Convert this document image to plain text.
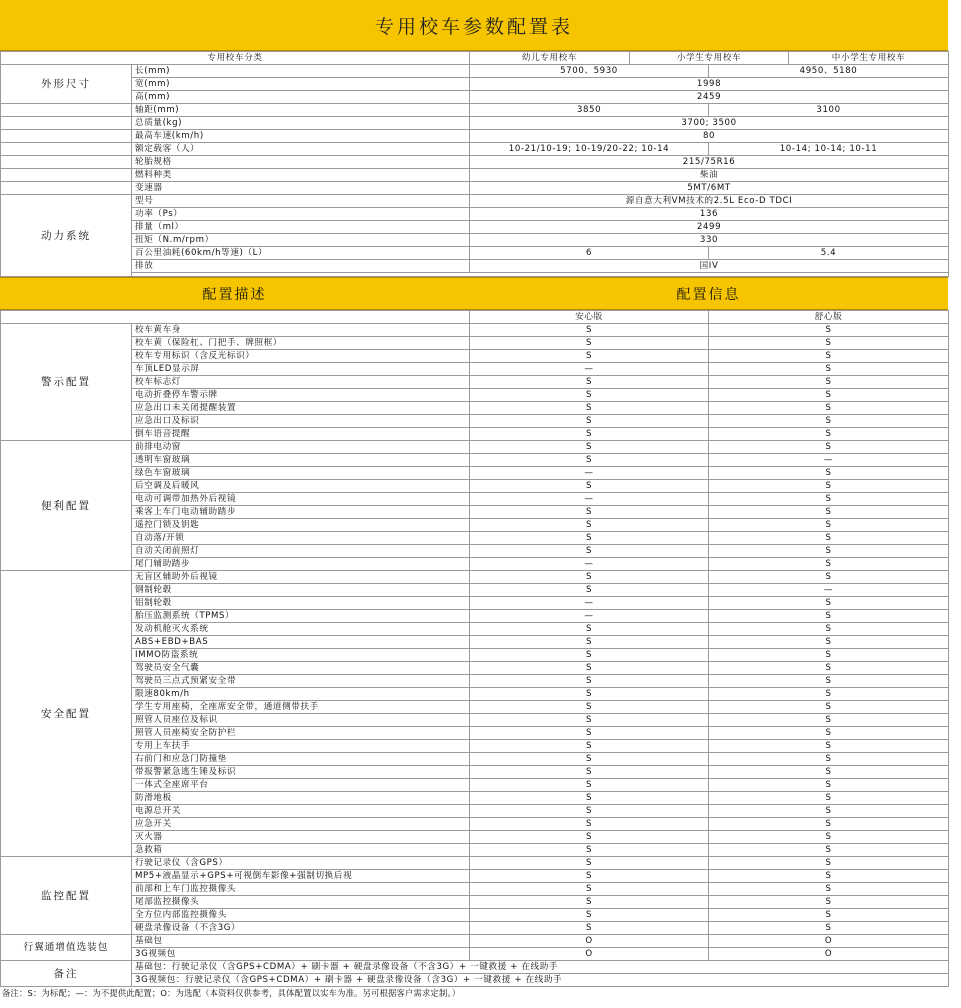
专用校车参数配置表
专用校车分类		幼儿专用校车	小学生专用校车		中小学生专用校车
外形尺寸	长(mm)	5700、5930		4950、5180	
	宽(mm)	1998			
	高(mm)	2459			
	轴距(mm)	3850		3100	
	总质量(kg)	3700; 3500			
	最高车速(km/h)	80			
	额定载客（人）	10-21/10-19; 10-19/20-22; 10-14		10-14; 10-14; 10-11	
	轮胎规格	215/75R16			
	燃料种类	柴油			
	变速器	5MT/6MT			
动力系统	型号	源自意大利VM技术的2.5L Eco-D TDCI			
	功率（Ps）	136			
	排量（ml）	2499			
	扭矩（N.m/rpm）	330			
	百公里油耗(60km/h等速)（L）	6		5.4	
	排放	国IV			

配置描述	配置信息
		安心版	舒心版
警示配置	校车黄车身	S	S
	校车黄（保险杠、门把手、牌照框）	S	S
	校车专用标识（含反光标识）	S	S
	车顶LED显示屏	—	S
	校车标志灯	S	S
	电动折叠停车警示牌	S	S
	应急出口未关闭提醒装置	S	S
	应急出口及标识	S	S
	倒车语音提醒	S	S
便利配置	前排电动窗	S	S
	透明车窗玻璃	S	—
	绿色车窗玻璃	—	S
	后空调及后暖风	S	S
	电动可调带加热外后视镜	—	S
	乘客上车门电动辅助踏步	S	S
	遥控门锁及钥匙	S	S
	自动落/开锁	S	S
	自动关闭前照灯	S	S
	尾门辅助踏步	—	S
安全配置	无盲区辅助外后视镜	S	S
	钢制轮毂	S	—
	铝制轮毂	—	S
	胎压监测系统（TPMS）	—	S
	发动机舱灭火系统	S	S
	ABS+EBD+BAS	S	S
	IMMO防盗系统	S	S
	驾驶员安全气囊	S	S
	驾驶员三点式预紧安全带	S	S
	限速80km/h	S	S
	学生专用座椅，全座席安全带，通道侧带扶手	S	S
	照管人员座位及标识	S	S
	照管人员座椅安全防护栏	S	S
	专用上车扶手	S	S
	右前门和应急门防撞垫	S	S
	带报警紧急逃生锤及标识	S	S
	一体式全座席平台	S	S
	防滑地板	S	S
	电源总开关	S	S
	应急开关	S	S
	灭火器	S	S
	急救箱	S	S
监控配置	行驶记录仪（含GPS）	S	S
	MP5+液晶显示+GPS+可视倒车影像+强制切换后视	S	S
	前部和上车门监控摄像头	S	S
	尾部监控摄像头	S	S
	全方位内部监控摄像头	S	S
	硬盘录像设备（不含3G）	S	S
行翼通增值选装包	基础包	O	O
	3G视频包	O	O
备注	基础包：行驶记录仪（含GPS+CDMA）+ 刷卡器 + 硬盘录像设备（不含3G）+ 一键救援 + 在线助手		
	3G视频包：行驶记录仪（含GPS+CDMA）+ 刷卡器 + 硬盘录像设备（含3G）+ 一键救援 + 在线助手		
备注：S：为标配；—：为不提供此配置；O：为选配（本资料仅供参考，具体配置以实车为准。另可根据客户需求定制。）
